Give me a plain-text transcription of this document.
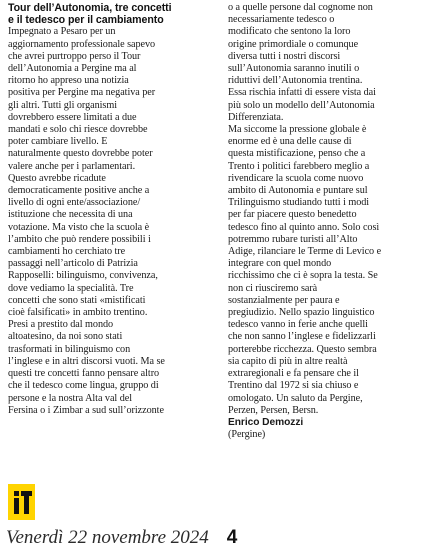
Tour dell’Autonomia, tre concetti
e il tedesco per il cambiamento

Impegnato a Pesaro per un
aggiornamento professionale sapevo
che avrei purtroppo perso il Tour
dell’Autonomia a Pergine ma al
ritorno ho appreso una notizia
positiva per Pergine ma negativa per
gli altri. Tutti gli organismi
dovrebbero essere limitati a due
mandati e solo chi riesce dovrebbe
poter cambiare livello. E
naturalmente questo dovrebbe poter
valere anche per i parlamentari.
Questo avrebbe ricadute
democraticamente positive anche a
livello di ogni ente/associazione/
istituzione che necessita di una
votazione. Ma visto che la scuola è
l’ambito che può rendere possibili i
cambiamenti ho cerchiato tre
passaggi nell’articolo di Patrizia
Rapposelli: bilinguismo, convivenza,
dove vediamo la specialità. Tre
concetti che sono stati «mistificati
cioè falsificati» in ambito trentino.
Presi a prestito dal mondo
altoatesino, da noi sono stati
trasformati in bilinguismo con
l’inglese e in altri discorsi vuoti. Ma se
questi tre concetti fanno pensare altro
che il tedesco come lingua, gruppo di
persone e la nostra Alta val del
Fersina o i Zimbar a sud sull’orizzonte

o a quelle persone dal cognome non
necessariamente tedesco o
modificato che sentono la loro
origine primordiale o comunque
diversa tutti i nostri discorsi
sull’Autonomia saranno inutili o
riduttivi dell’Autonomia trentina.
Essa rischia infatti di essere vista dai
più solo un modello dell’Autonomia
Differenziata.
Ma siccome la pressione globale è
enorme ed è una delle cause di
questa mistificazione, penso che a
Trento i politici farebbero meglio a
rivendicare la scuola come nuovo
ambito di Autonomia e puntare sul
Trilinguismo studiando tutti i modi
per far piacere questo benedetto
tedesco fino al quinto anno. Solo così
potremmo rubare turisti all’Alto
Adige, rilanciare le Terme di Levico e
integrare con quel mondo
ricchissimo che ci è sopra la testa. Se
non ci riusciremo sarà
sostanzialmente per paura e
pregiudizio. Nello spazio linguistico
tedesco vanno in ferie anche quelli
che non sanno l’inglese e fidelizzarli
porterebbe ricchezza. Questo sembra
sia capito di più in altre realtà
extraregionali e fa pensare che il
Trentino dal 1972 si sia chiuso e
omologato. Un saluto da Pergine,
Perzen, Persen, Bersn.

Enrico Demozzi

(Pergine)

Venerdì 22 novembre 2024 4
